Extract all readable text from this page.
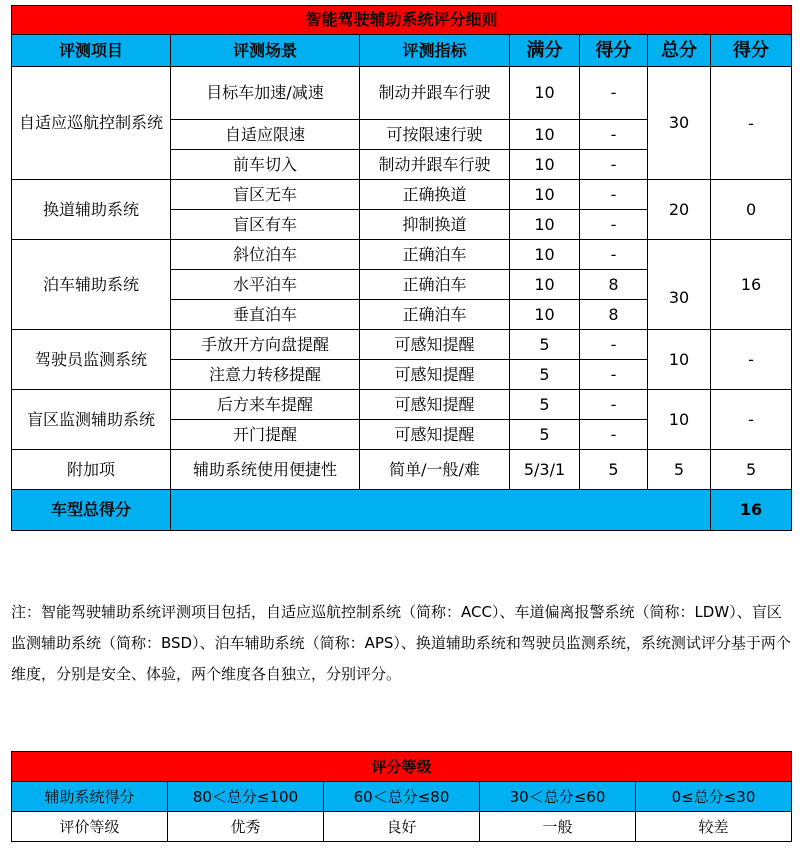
智能驾驶辅助系统评分细则						
评测项目	评测场景	评测指标	满分	得分	总分	得分
自适应巡航控制系统	目标车加速/减速	制动并跟车行驶	10	-	30	-
	自适应限速	可按限速行驶	10	-		
	前车切入	制动并跟车行驶	10	-		
换道辅助系统	盲区无车	正确换道	10	-	20	0
	盲区有车	抑制换道	10	-		
泊车辅助系统	斜位泊车	正确泊车	10	-	30	16
	水平泊车	正确泊车	10	8		
	垂直泊车	正确泊车	10	8		
驾驶员监测系统	手放开方向盘提醒	可感知提醒	5	-	10	-
	注意力转移提醒	可感知提醒	5	-		
盲区监测辅助系统	后方来车提醒	可感知提醒	5	-	10	-
	开门提醒	可感知提醒	5	-		
附加项	辅助系统使用便捷性	简单/一般/难	5/3/1	5	5	5
车型总得分						16
注：智能驾驶辅助系统评测项目包括，自适应巡航控制系统（简称：ACC）、车道偏离报警系统（简称：LDW）、盲区监测辅助系统（简称：BSD）、泊车辅助系统（简称：APS）、换道辅助系统和驾驶员监测系统，系统测试评分基于两个维度，分别是安全、体验，两个维度各自独立，分别评分。
评分等级				
辅助系统得分	80＜总分≤100	60＜总分≤80	30＜总分≤60	0≤总分≤30
评价等级	优秀	良好	一般	较差
